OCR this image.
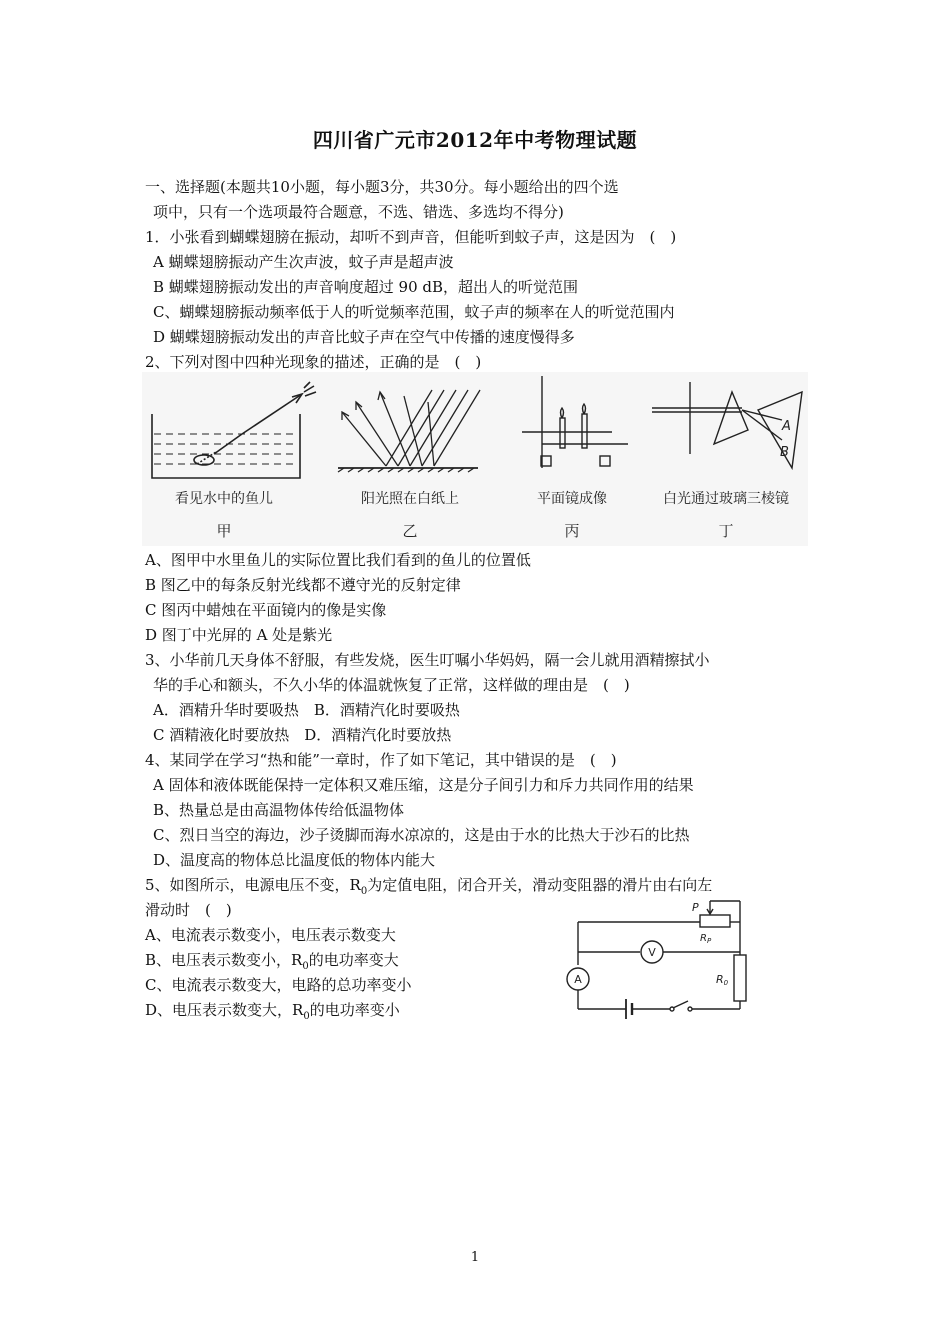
四川省广元市2012年中考物理试题
一、选择题(本题共10小题，每小题3分，共30分。每小题给出的四个选
项中，只有一个选项最符合题意，不选、错选、多选均不得分)
1．小张看到蝴蝶翅膀在振动，却听不到声音，但能听到蚊子声，这是因为　(　)
A 蝴蝶翅膀振动产生次声波，蚊子声是超声波
B 蝴蝶翅膀振动发出的声音响度超过 90 dB，超出人的听觉范围
C、蝴蝶翅膀振动频率低于人的听觉频率范围，蚊子声的频率在人的听觉范围内
D 蝴蝶翅膀振动发出的声音比蚊子声在空气中传播的速度慢得多
2、下列对图中四种光现象的描述，正确的是　(　)
看见水中的鱼儿
甲
阳光照在白纸上
乙
平面镜成像
丙
A
B
白光通过玻璃三棱镜
丁
A、图甲中水里鱼儿的实际位置比我们看到的鱼儿的位置低
B 图乙中的每条反射光线都不遵守光的反射定律
C 图丙中蜡烛在平面镜内的像是实像
D 图丁中光屏的 A 处是紫光
3、小华前几天身体不舒服，有些发烧，医生叮嘱小华妈妈，隔一会儿就用酒精擦拭小
华的手心和额头，不久小华的体温就恢复了正常，这样做的理由是　(　)
A．酒精升华时要吸热　B．酒精汽化时要吸热
C 酒精液化时要放热　D．酒精汽化时要放热
4、某同学在学习“热和能”一章时，作了如下笔记，其中错误的是　(　)
A 固体和液体既能保持一定体积又难压缩，这是分子间引力和斥力共同作用的结果
B、热量总是由高温物体传给低温物体
C、烈日当空的海边，沙子烫脚而海水凉凉的，这是由于水的比热大于沙石的比热
D、温度高的物体总比温度低的物体内能大
5、如图所示，电源电压不变，$R_0$为定值电阻，闭合开关，滑动变阻器的滑片由右向左
滑动时　(　)
A、电流表示数变小，电压表示数变大
B、电压表示数变小，$R_0$的电功率变大
C、电流表示数变大，电路的总功率变小
D、电压表示数变大，$R_0$的电功率变小
P
$R_P$
V
A	R0
1
